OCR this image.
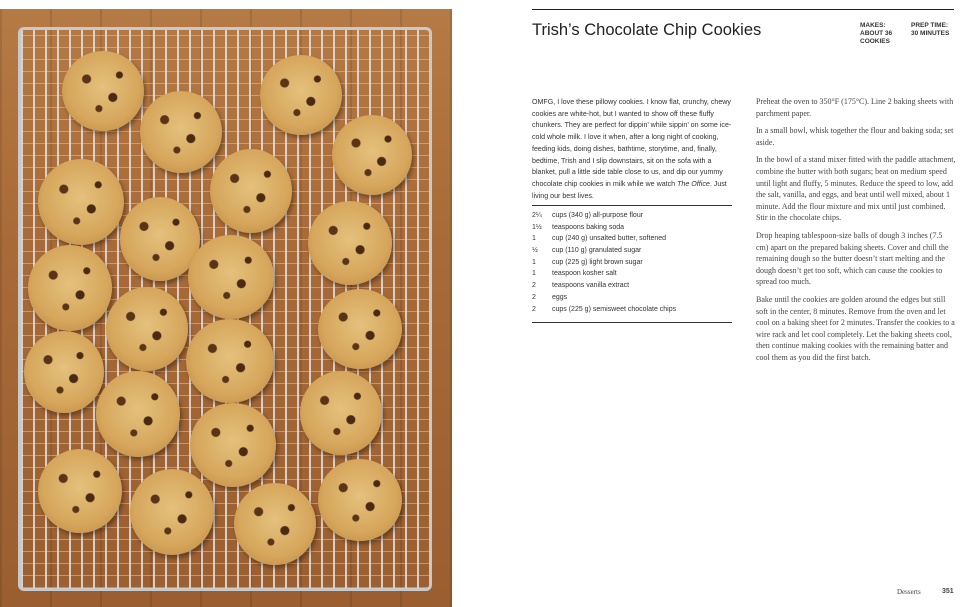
Trish’s Chocolate Chip Cookies	MAKES:
ABOUT 36
COOKIES
PREP TIME:
30 MINUTES
OMFG, I love these pillowy cookies. I know flat, crunchy, chewy cookies are white-hot, but I wanted to show off these fluffy chunkers. They are perfect for dippin’ while sippin’ on some ice-cold whole milk. I love it when, after a long night of cooking, feeding kids, doing dishes, bathtime, storytime, and, finally, bedtime, Trish and I slip downstairs, sit on the sofa with a blanket, pull a little side table close to us, and dip our yummy chocolate chip cookies in milk while we watch The Office. Just living our best lives.
2¼	cups (340 g) all-purpose flour
1½	teaspoons baking soda
1	cup (240 g) unsalted butter, softened
½	cup (110 g) granulated sugar
1	cup (225 g) light brown sugar
1	teaspoon kosher salt
2	teaspoons vanilla extract
2	eggs
2	cups (225 g) semisweet chocolate chips

Preheat the oven to 350°F (175°C). Line 2 baking sheets with parchment paper.

In a small bowl, whisk together the flour and baking soda; set aside.

In the bowl of a stand mixer fitted with the paddle attachment, combine the butter with both sugars; beat on medium speed until light and fluffy, 5 minutes. Reduce the speed to low, add the salt, vanilla, and eggs, and beat until well mixed, about 1 minute. Add the flour mixture and mix until just combined. Stir in the chocolate chips.

Drop heaping tablespoon-size balls of dough 3 inches (7.5 cm) apart on the prepared baking sheets. Cover and chill the remaining dough so the butter doesn’t start melting and the dough doesn’t get too soft, which can cause the cookies to spread too much.

Bake until the cookies are golden around the edges but still soft in the center, 8 minutes. Remove from the oven and let cool on a baking sheet for 2 minutes. Transfer the cookies to a wire rack and let cool completely. Let the baking sheets cool, then continue making cookies with the remaining batter and cool them as you did the first batch.

Desserts	351
